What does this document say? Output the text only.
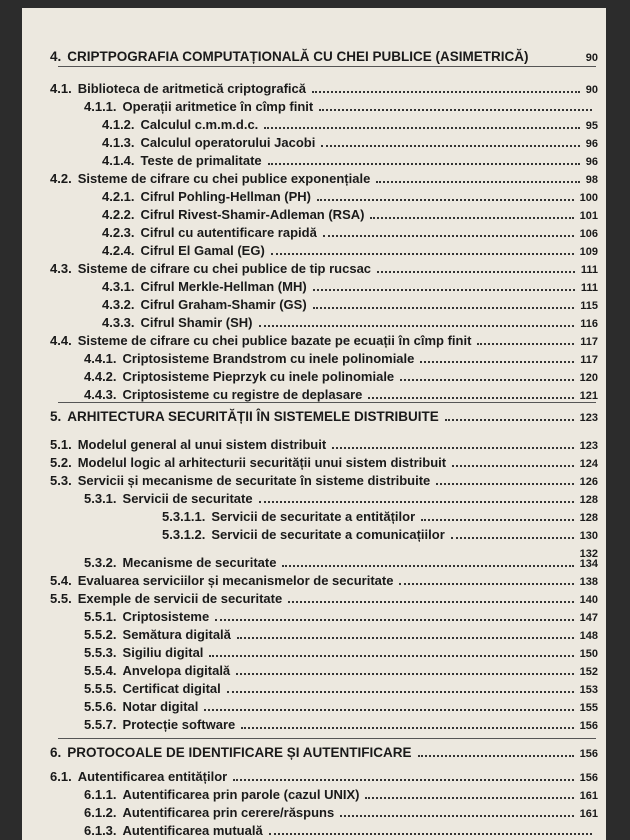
4. CRIPTPOGRAFIA COMPUTAȚIONALĂ CU CHEI PUBLICE (ASIMETRICĂ)	90
4.1. Biblioteca de aritmetică criptografică	90
4.1.1. Operații aritmetice în cîmp finit
4.1.2. Calculul c.m.m.d.c.	95
4.1.3. Calculul operatorului Jacobi	96
4.1.4. Teste de primalitate	96
4.2. Sisteme de cifrare cu chei publice exponențiale	98
4.2.1. Cifrul Pohling-Hellman (PH)	100
4.2.2. Cifrul Rivest-Shamir-Adleman (RSA)	101
4.2.3. Cifrul cu autentificare rapidă	106
4.2.4. Cifrul El Gamal (EG)	109
4.3. Sisteme de cifrare cu chei publice de tip rucsac	111
4.3.1. Cifrul Merkle-Hellman (MH)	111
4.3.2. Cifrul Graham-Shamir (GS)	115
4.3.3. Cifrul Shamir (SH)	116
4.4. Sisteme de cifrare cu chei publice bazate pe ecuații în cîmp finit	117
4.4.1. Criptosisteme Brandstrom cu inele polinomiale	117
4.4.2. Criptosisteme Pieprzyk cu inele polinomiale	120
4.4.3. Criptosisteme cu registre de deplasare	121
5. ARHITECTURA SECURITĂȚII ÎN SISTEMELE DISTRIBUITE	123
5.1. Modelul general al unui sistem distribuit	123
5.2. Modelul logic al arhitecturii securității unui sistem distribuit	124
5.3. Servicii și mecanisme de securitate în sisteme distribuite	126
5.3.1. Servicii de securitate	128
5.3.1.1. Servicii de securitate a entităților	128
5.3.1.2. Servicii de securitate a comunicațiilor	130
132
5.3.2. Mecanisme de securitate	134
5.4. Evaluarea serviciilor și mecanismelor de securitate	138
5.5. Exemple de servicii de securitate	140
5.5.1. Criptosisteme	147
5.5.2. Semătura digitală	148
5.5.3. Sigiliu digital	150
5.5.4. Anvelopa digitală	152
5.5.5. Certificat digital	153
5.5.6. Notar digital	155
5.5.7. Protecție software	156
6. PROTOCOALE DE IDENTIFICARE ȘI AUTENTIFICARE	156
6.1. Autentificarea entităților	156
6.1.1. Autentificarea prin parole (cazul UNIX)	161
6.1.2. Autentificarea prin cerere/răspuns	161
6.1.3. Autentificarea mutuală
